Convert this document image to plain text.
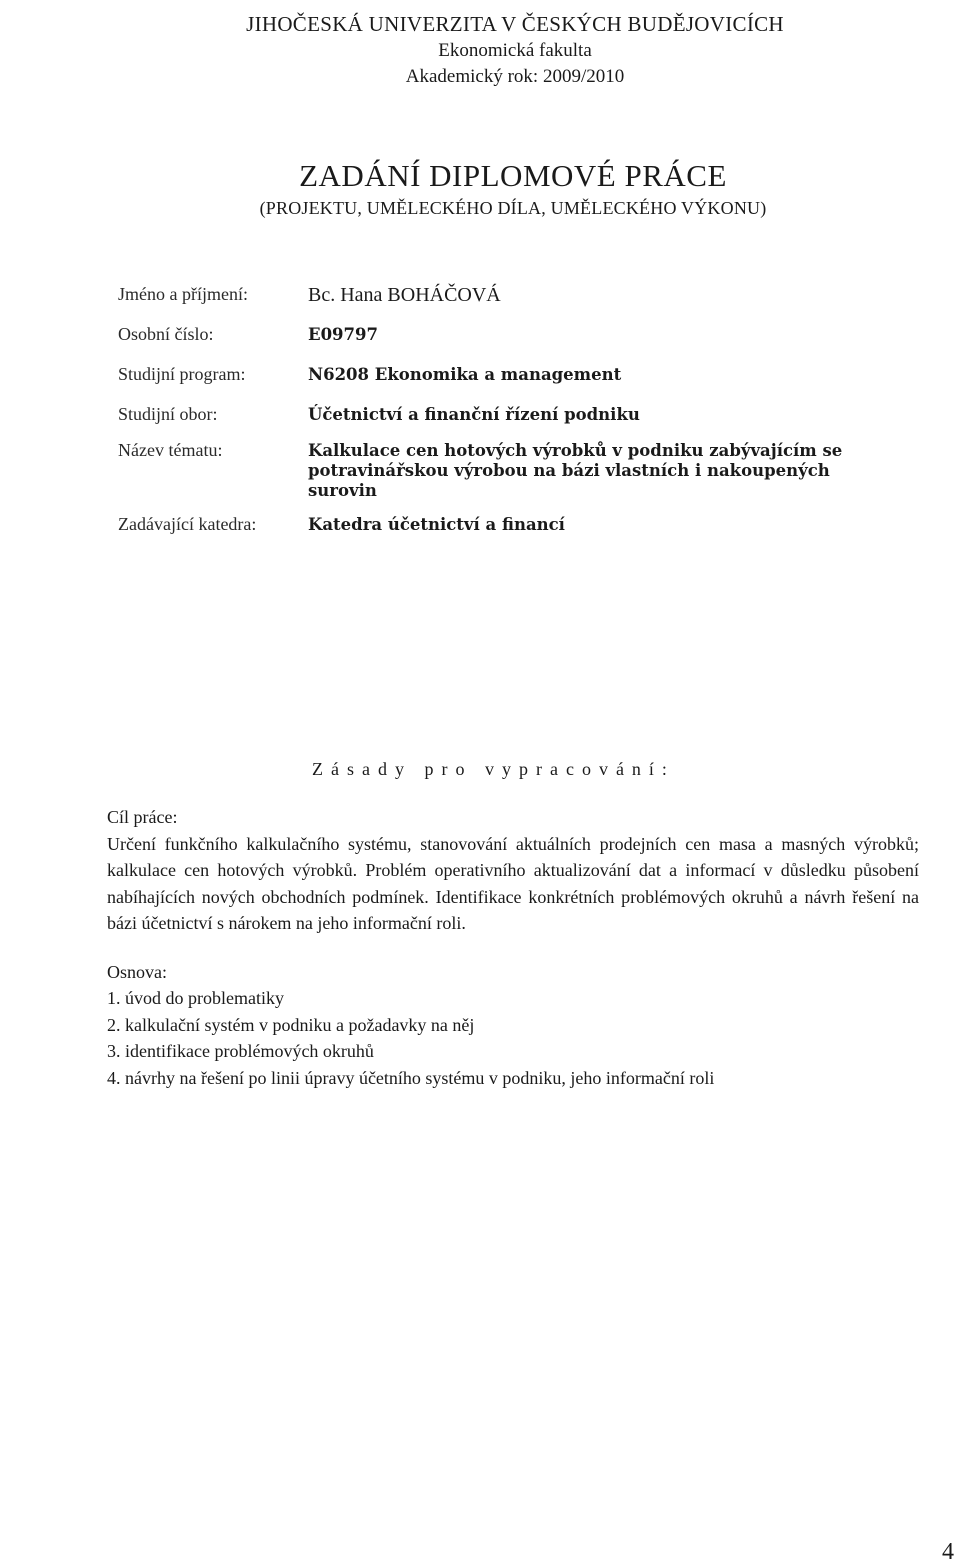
JIHOČESKÁ UNIVERZITA V ČESKÝCH BUDĚJOVICÍCH
Ekonomická fakulta
Akademický rok: 2009/2010
ZADÁNÍ DIPLOMOVÉ PRÁCE
(PROJEKTU, UMĚLECKÉHO DÍLA, UMĚLECKÉHO VÝKONU)
Jméno a příjmení:	Bc. Hana BOHÁČOVÁ
Osobní číslo:	E09797
Studijní program:	N6208 Ekonomika a management
Studijní obor:	Účetnictví a finanční řízení podniku
Název tématu:	Kalkulace cen hotových výrobků v podniku zabývajícím se potravinářskou výrobou na bázi vlastních i nakoupených surovin
Zadávající katedra:	Katedra účetnictví a financí
Zásady pro vypracování:
Cíl práce:
Určení funkčního kalkulačního systému, stanovování aktuálních prodejních cen masa a masných výrobků; kalkulace cen hotových výrobků. Problém operativního aktualizování dat a informací v důsledku působení nabíhajících nových obchodních podmínek. Identifikace konkrétních problémových okruhů a návrh řešení na bázi účetnictví s nárokem na jeho informační roli.
Osnova:
1. úvod do problematiky
2. kalkulační systém v podniku a požadavky na něj
3. identifikace problémových okruhů
4. návrhy na řešení po linii úpravy účetního systému v podniku, jeho informační roli
4
